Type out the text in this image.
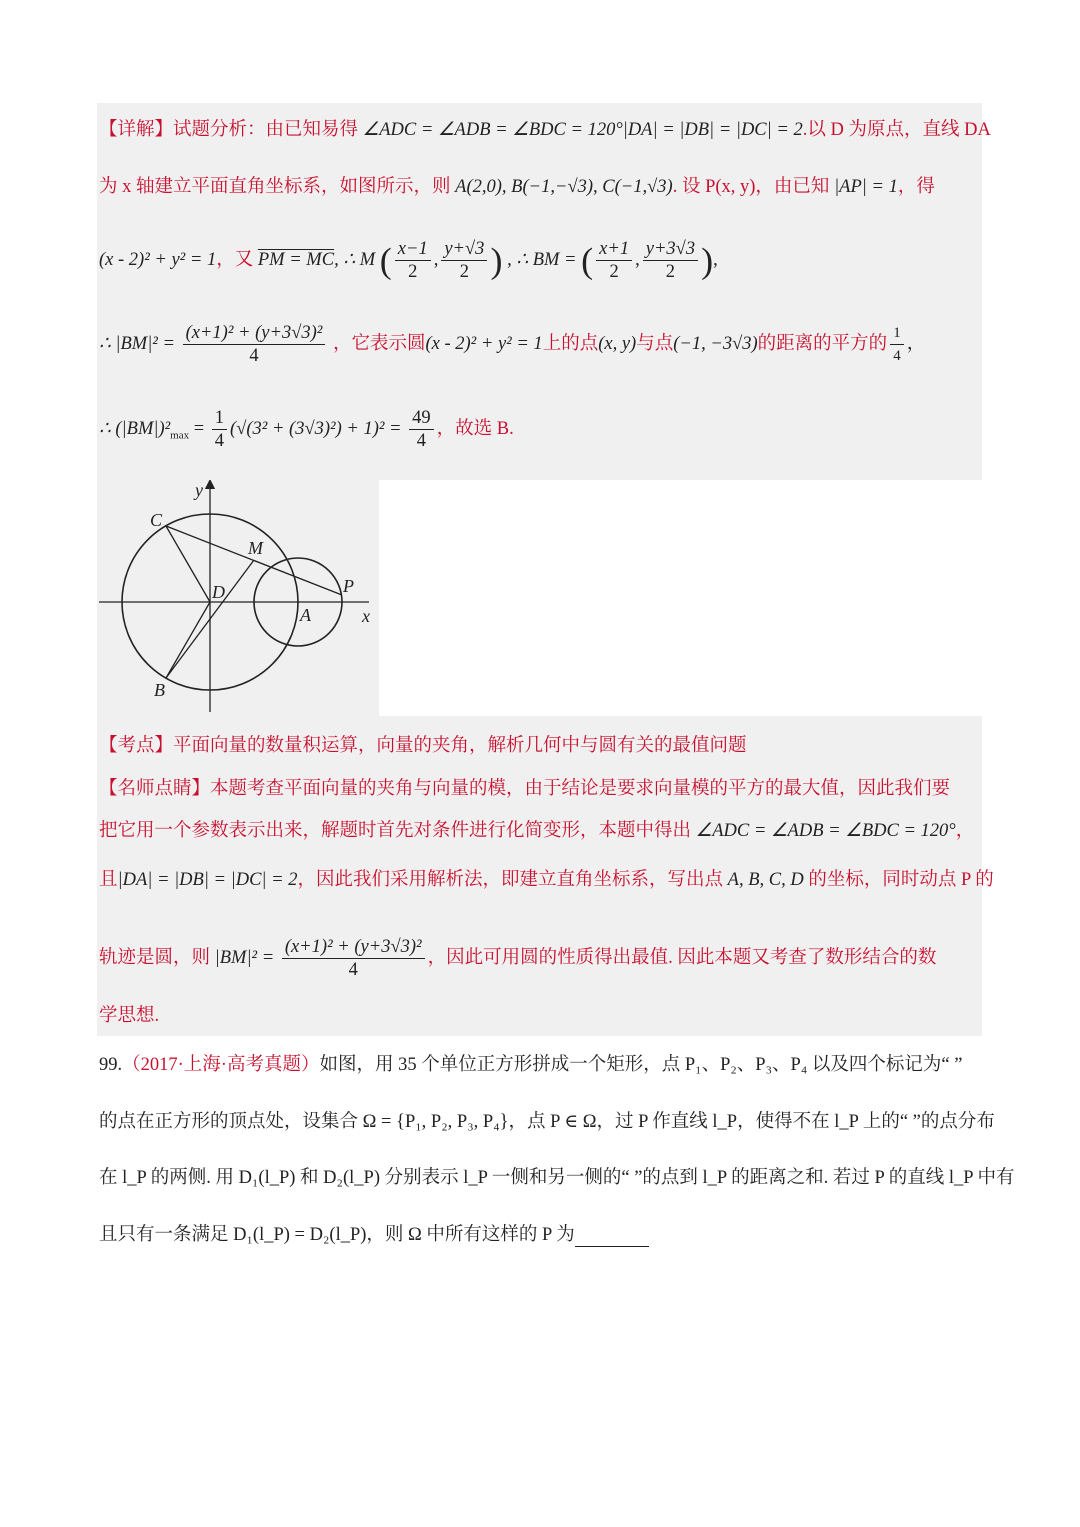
【详解】试题分析：由已知易得 ∠ADC = ∠ADB = ∠BDC = 120°|DA| = |DB| = |DC| = 2.以 D 为原点，直线 DA
为 x 轴建立平面直角坐标系，如图所示，则 A(2,0), B(−1,−√3), C(−1,√3). 设 P(x, y)，由已知 |AP| = 1，得
(x - 2)² + y² = 1，又 PM = MC, ∴ M ( $\frac{x-1}{2}$ , $\frac{y+√3}{2}$ ) , ∴ BM = ( $\frac{x+1}{2}$ , $\frac{y+3√3}{2}$ ),
∴ $|BM|^2 = \frac{\text{(x+1)² + (y+3√3)²}}{4}$ ，它表示圆(x - 2)² + y² = 1上的点(x, y)与点(−1, −3√3)的距离的平方的 $\frac{1}{4}$ ，
∴ $(|BM|)^2_{max} = \frac{1}{4} (√(3^2 + (3√3)^2) + 1)^2 = \frac{49}{4}$ ，故选 B.
y
C
M
D	P
A	x
B
【考点】平面向量的数量积运算，向量的夹角，解析几何中与圆有关的最值问题
【名师点睛】本题考查平面向量的夹角与向量的模，由于结论是要求向量模的平方的最大值，因此我们要
把它用一个参数表示出来，解题时首先对条件进行化简变形，本题中得出 ∠ADC = ∠ADB = ∠BDC = 120°，
且|DA| = |DB| = |DC| = 2，因此我们采用解析法，即建立直角坐标系，写出点 A, B, C, D 的坐标，同时动点 P 的
轨迹是圆，则 $|BM|^2 = \frac{\text{(x+1)² + (y+3√3)²}}{4}$ ，因此可用圆的性质得出最值. 因此本题又考查了数形结合的数
学思想.
99.（2017·上海·高考真题）如图，用 35 个单位正方形拼成一个矩形，点 P₁、P₂、P₃、P₄ 以及四个标记为“ ”
的点在正方形的顶点处，设集合 Ω = {P₁, P₂, P₃, P₄}，点 P ∈ Ω，过 P 作直线 l_P，使得不在 l_P 上的“ ”的点分布
在 l_P 的两侧. 用 D₁(l_P) 和 D₂(l_P) 分别表示 l_P 一侧和另一侧的“ ”的点到 l_P 的距离之和. 若过 P 的直线 l_P 中有
且只有一条满足 D₁(l_P) = D₂(l_P)，则 Ω 中所有这样的 P 为
